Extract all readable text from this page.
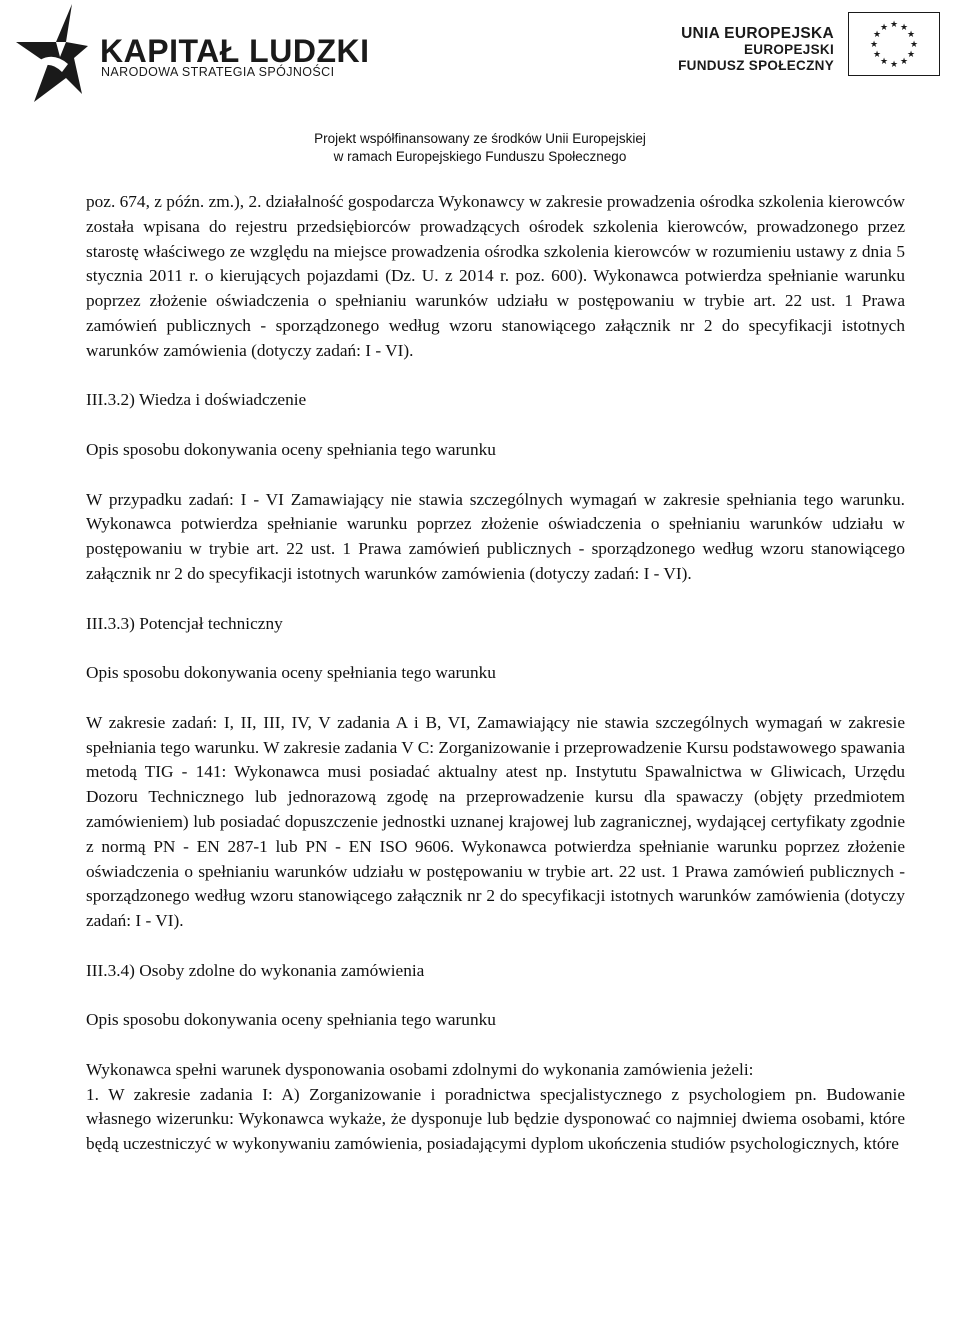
KAPITAŁ LUDZKI
NARODOWA STRATEGIA SPÓJNOŚCI
UNIA EUROPEJSKA
EUROPEJSKI
FUNDUSZ SPOŁECZNY
★ ★
★
★
★
★
★
★
★
★
★
★
Projekt współfinansowany ze środków Unii Europejskiej
w ramach Europejskiego Funduszu Społecznego

poz. 674, z późn. zm.), 2. działalność gospodarcza Wykonawcy w zakresie prowadzenia ośrodka szkolenia kierowców została wpisana do rejestru przedsiębiorców prowadzących ośrodek szkolenia kierowców, prowadzonego przez starostę właściwego ze względu na miejsce prowadzenia ośrodka szkolenia kierowców w rozumieniu ustawy z dnia 5 stycznia 2011 r. o kierujących pojazdami (Dz. U. z 2014 r. poz. 600). Wykonawca potwierdza spełnianie warunku poprzez złożenie oświadczenia o spełnianiu warunków udziału w postępowaniu w trybie art. 22 ust. 1 Prawa zamówień publicznych - sporządzonego według wzoru stanowiącego załącznik nr 2 do specyfikacji istotnych warunków zamówienia (dotyczy zadań: I - VI).

III.3.2) Wiedza i doświadczenie

Opis sposobu dokonywania oceny spełniania tego warunku

W przypadku zadań: I - VI Zamawiający nie stawia szczególnych wymagań w zakresie spełniania tego warunku. Wykonawca potwierdza spełnianie warunku poprzez złożenie oświadczenia o spełnianiu warunków udziału w postępowaniu w trybie art. 22 ust. 1 Prawa zamówień publicznych - sporządzonego według wzoru stanowiącego załącznik nr 2 do specyfikacji istotnych warunków zamówienia (dotyczy zadań: I - VI).

III.3.3) Potencjał techniczny

Opis sposobu dokonywania oceny spełniania tego warunku

W zakresie zadań: I, II, III, IV, V zadania A i B, VI, Zamawiający nie stawia szczególnych wymagań w zakresie spełniania tego warunku. W zakresie zadania V C: Zorganizowanie i przeprowadzenie Kursu podstawowego spawania metodą TIG - 141: Wykonawca musi posiadać aktualny atest np. Instytutu Spawalnictwa w Gliwicach, Urzędu Dozoru Technicznego lub jednorazową zgodę na przeprowadzenie kursu dla spawaczy (objęty przedmiotem zamówieniem) lub posiadać dopuszczenie jednostki uznanej krajowej lub zagranicznej, wydającej certyfikaty zgodnie z normą PN - EN 287-1 lub PN - EN ISO 9606. Wykonawca potwierdza spełnianie warunku poprzez złożenie oświadczenia o spełnianiu warunków udziału w postępowaniu w trybie art. 22 ust. 1 Prawa zamówień publicznych - sporządzonego według wzoru stanowiącego załącznik nr 2 do specyfikacji istotnych warunków zamówienia (dotyczy zadań: I - VI).

III.3.4) Osoby zdolne do wykonania zamówienia

Opis sposobu dokonywania oceny spełniania tego warunku

Wykonawca spełni warunek dysponowania osobami zdolnymi do wykonania zamówienia jeżeli:

1. W zakresie zadania I: A) Zorganizowanie i poradnictwa specjalistycznego z psychologiem pn. Budowanie własnego wizerunku: Wykonawca wykaże, że dysponuje lub będzie dysponować co najmniej dwiema osobami, które będą uczestniczyć w wykonywaniu zamówienia, posiadającymi dyplom ukończenia studiów psychologicznych, które
